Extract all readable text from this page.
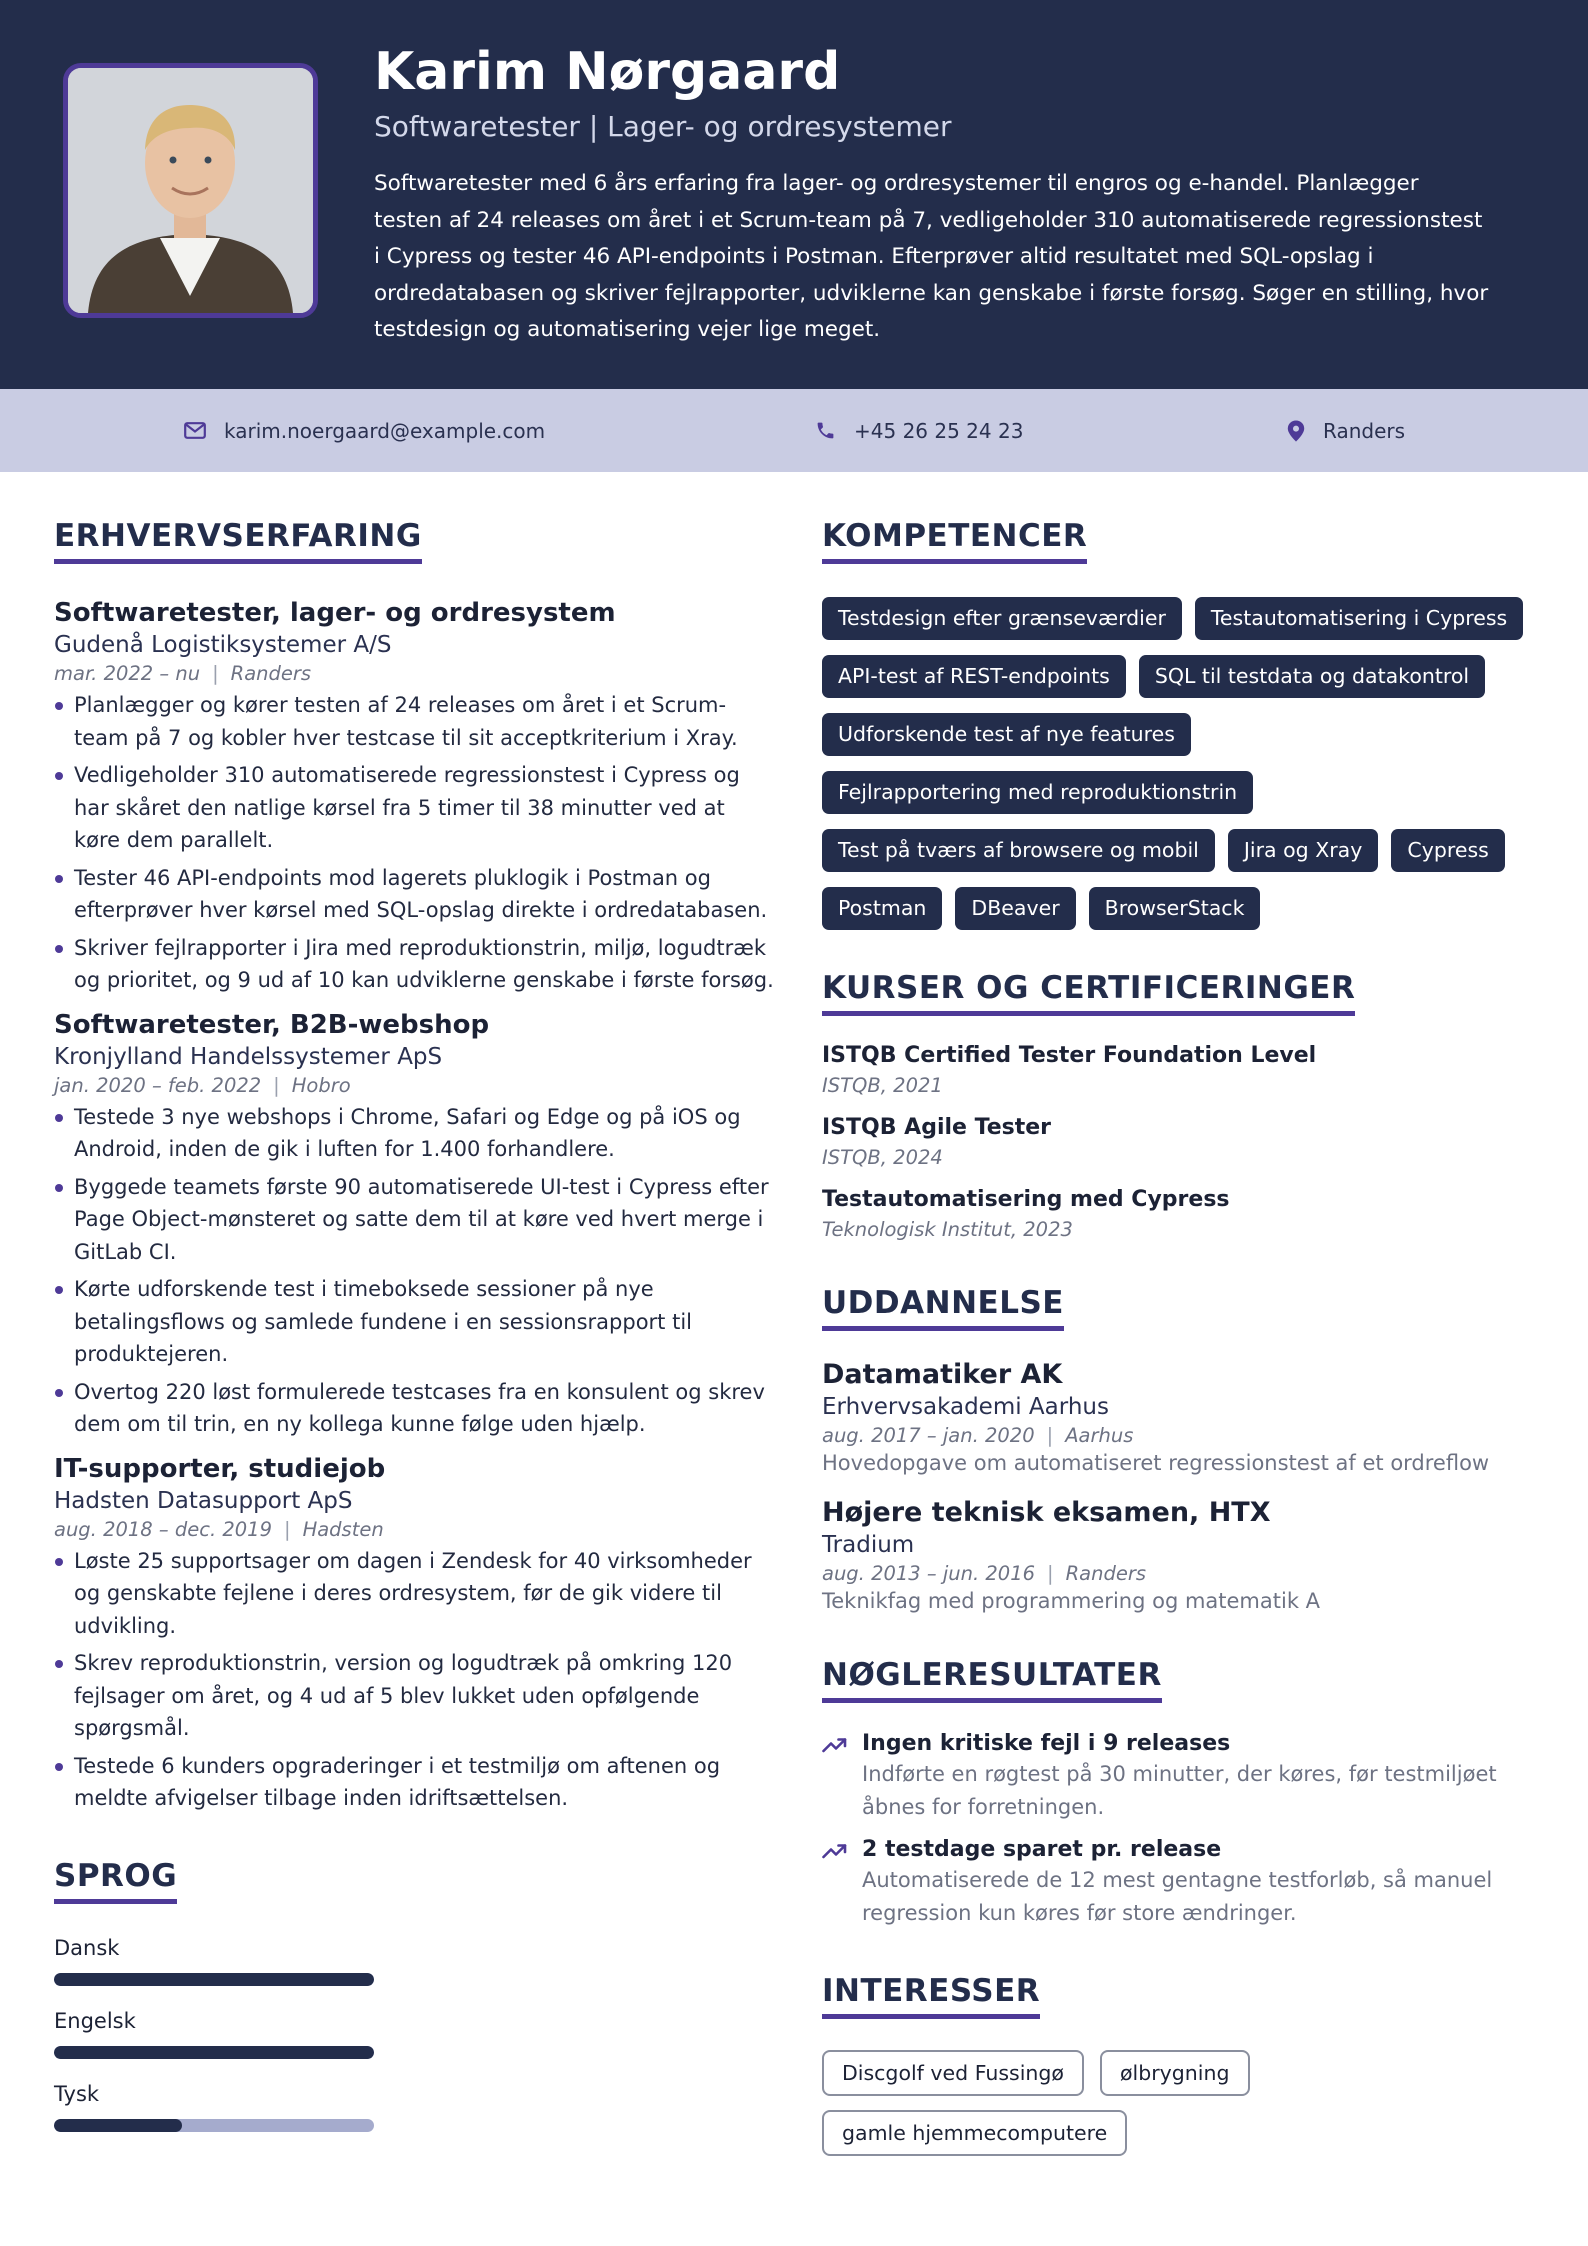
Karim Nørgaard
Softwaretester | Lager- og ordresystemer
Softwaretester med 6 års erfaring fra lager- og ordresystemer til engros og e-handel. Planlægger testen af 24 releases om året i et Scrum-team på 7, vedligeholder 310 automatiserede regressionstest i Cypress og tester 46 API-endpoints i Postman. Efterprøver altid resultatet med SQL-opslag i ordredatabasen og skriver fejlrapporter, udviklerne kan genskabe i første forsøg. Søger en stilling, hvor testdesign og automatisering vejer lige meget.
karim.noergaard@example.com	+45 26 25 24 23	Randers
ERHVERVSERFARING
Softwaretester, lager- og ordresystem
Gudenå Logistiksystemer A/S
mar. 2022 – nu | Randers
Planlægger og kører testen af 24 releases om året i et Scrum-team på 7 og kobler hver testcase til sit acceptkriterium i Xray.
Vedligeholder 310 automatiserede regressionstest i Cypress og har skåret den natlige kørsel fra 5 timer til 38 minutter ved at køre dem parallelt.
Tester 46 API-endpoints mod lagerets pluklogik i Postman og efterprøver hver kørsel med SQL-opslag direkte i ordredatabasen.
Skriver fejlrapporter i Jira med reproduktionstrin, miljø, logudtræk og prioritet, og 9 ud af 10 kan udviklerne genskabe i første forsøg.
Softwaretester, B2B-webshop
Kronjylland Handelssystemer ApS
jan. 2020 – feb. 2022 | Hobro
Testede 3 nye webshops i Chrome, Safari og Edge og på iOS og Android, inden de gik i luften for 1.400 forhandlere.
Byggede teamets første 90 automatiserede UI-test i Cypress efter Page Object-mønsteret og satte dem til at køre ved hvert merge i GitLab CI.
Kørte udforskende test i timeboksede sessioner på nye betalingsflows og samlede fundene i en sessionsrapport til produktejeren.
Overtog 220 løst formulerede testcases fra en konsulent og skrev dem om til trin, en ny kollega kunne følge uden hjælp.
IT-supporter, studiejob
Hadsten Datasupport ApS
aug. 2018 – dec. 2019 | Hadsten
Løste 25 supportsager om dagen i Zendesk for 40 virksomheder og genskabte fejlene i deres ordresystem, før de gik videre til udvikling.
Skrev reproduktionstrin, version og logudtræk på omkring 120 fejlsager om året, og 4 ud af 5 blev lukket uden opfølgende spørgsmål.
Testede 6 kunders opgraderinger i et testmiljø om aftenen og meldte afvigelser tilbage inden idriftsættelsen.
SPROG
Dansk
Engelsk
Tysk
KOMPETENCER
Testdesign efter grænseværdier	Testautomatisering i Cypress
API-test af REST-endpoints	SQL til testdata og datakontrol
Udforskende test af nye features
Fejlrapportering med reproduktionstrin
Test på tværs af browsere og mobil	Jira og Xray	Cypress
Postman	DBeaver	BrowserStack
KURSER OG CERTIFICERINGER
ISTQB Certified Tester Foundation Level
ISTQB, 2021
ISTQB Agile Tester
ISTQB, 2024
Testautomatisering med Cypress
Teknologisk Institut, 2023
UDDANNELSE
Datamatiker AK
Erhvervsakademi Aarhus
aug. 2017 – jan. 2020 | Aarhus
Hovedopgave om automatiseret regressionstest af et ordreflow
Højere teknisk eksamen, HTX
Tradium
aug. 2013 – jun. 2016 | Randers
Teknikfag med programmering og matematik A
NØGLERESULTATER
Ingen kritiske fejl i 9 releases
Indførte en røgtest på 30 minutter, der køres, før testmiljøet åbnes for forretningen.
2 testdage sparet pr. release
Automatiserede de 12 mest gentagne testforløb, så manuel regression kun køres før store ændringer.
INTERESSER
Discgolf ved Fussingø	ølbrygning
gamle hjemmecomputere
